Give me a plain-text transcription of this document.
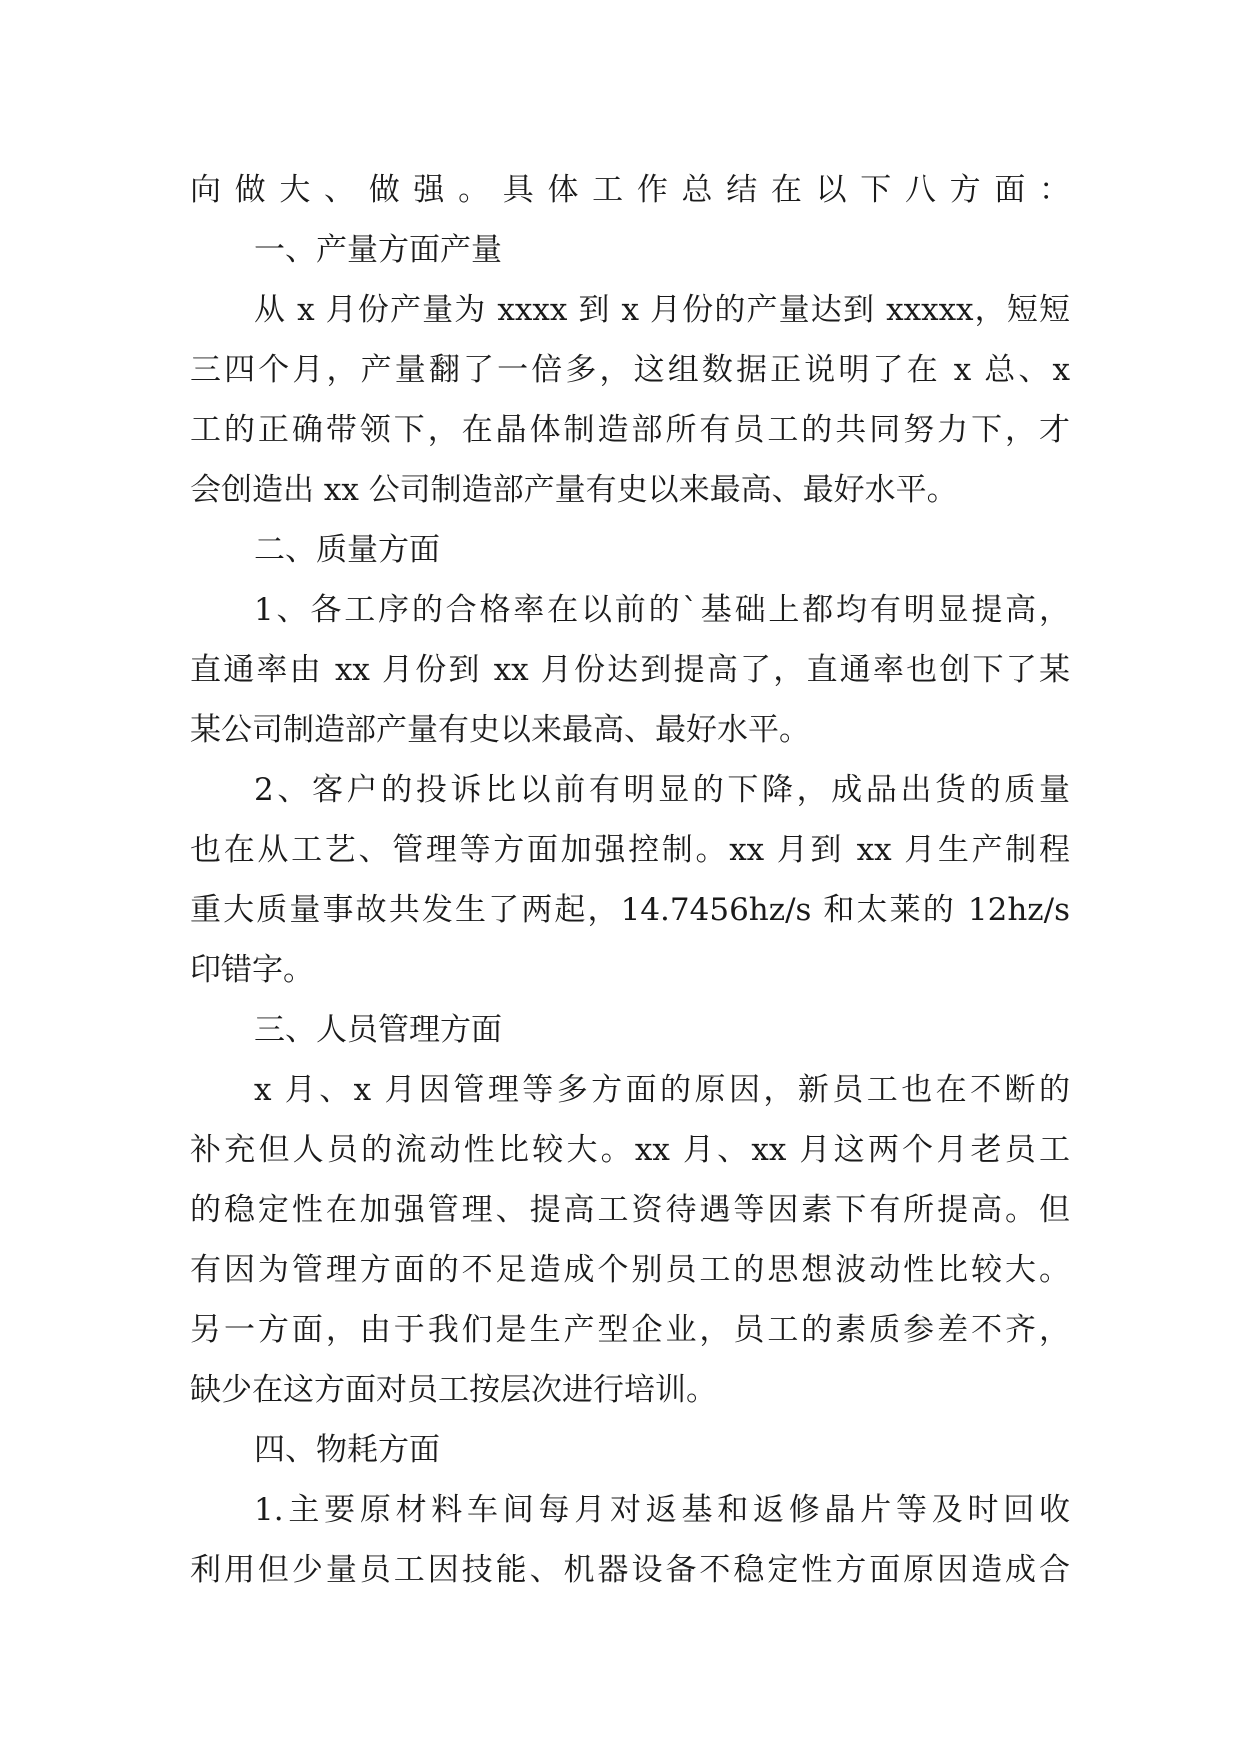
向做大、做强。具体工作总结在以下八方面：
一、产量方面产量
从 x 月份产量为 xxxx 到 x 月份的产量达到 xxxxx，短短
三四个月，产量翻了一倍多，这组数据正说明了在 x 总、x
工的正确带领下，在晶体制造部所有员工的共同努力下，才
会创造出 xx 公司制造部产量有史以来最高、最好水平。
二、质量方面
1、各工序的合格率在以前的`基础上都均有明显提高，
直通率由 xx 月份到 xx 月份达到提高了，直通率也创下了某
某公司制造部产量有史以来最高、最好水平。
2、客户的投诉比以前有明显的下降，成品出货的质量
也在从工艺、管理等方面加强控制。xx 月到 xx 月生产制程
重大质量事故共发生了两起，14.7456hz/s 和太莱的 12hz/s
印错字。
三、人员管理方面
x 月、x 月因管理等多方面的原因，新员工也在不断的
补充但人员的流动性比较大。xx 月、xx 月这两个月老员工
的稳定性在加强管理、提高工资待遇等因素下有所提高。但
有因为管理方面的不足造成个别员工的思想波动性比较大。
另一方面，由于我们是生产型企业，员工的素质参差不齐，
缺少在这方面对员工按层次进行培训。
四、物耗方面
1.主要原材料车间每月对返基和返修晶片等及时回收
利用但少量员工因技能、机器设备不稳定性方面原因造成合
